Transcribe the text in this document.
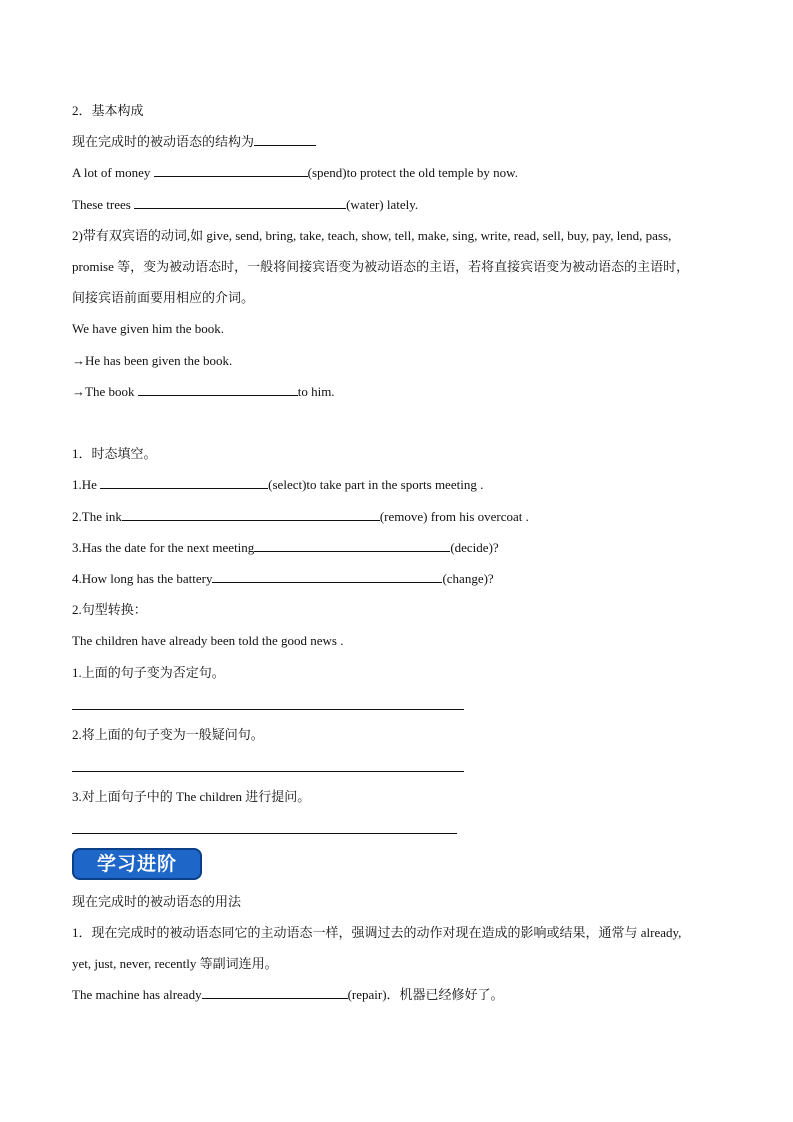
2．基本构成
现在完成时的被动语态的结构为
A lot of money	(spend)to protect the old temple by now.
These trees	(water) lately.
2)带有双宾语的动词,如 give, send, bring, take, teach, show, tell, make, sing, write, read, sell, buy, pay, lend, pass,
promise 等，变为被动语态时，一般将间接宾语变为被动语态的主语，若将直接宾语变为被动语态的主语时，
间接宾语前面要用相应的介词。
We have given him the book.
→He has been given the book.
→The book	to him.
1．时态填空。
1.He	(select)to take part in the sports meeting .
2.The ink	(remove) from his overcoat .
3.Has the date for the next meeting	(decide)?
4.How long has the battery	(change)?
2.句型转换：
The children have already been told the good news .
1.上面的句子变为否定句。
2.将上面的句子变为一般疑问句。
3.对上面句子中的 The children 进行提问。
学习进阶
现在完成时的被动语态的用法
1．现在完成时的被动语态同它的主动语态一样，强调过去的动作对现在造成的影响或结果，通常与 already,
yet, just, never, recently 等副词连用。
The machine has already	(repair)．机器已经修好了。
